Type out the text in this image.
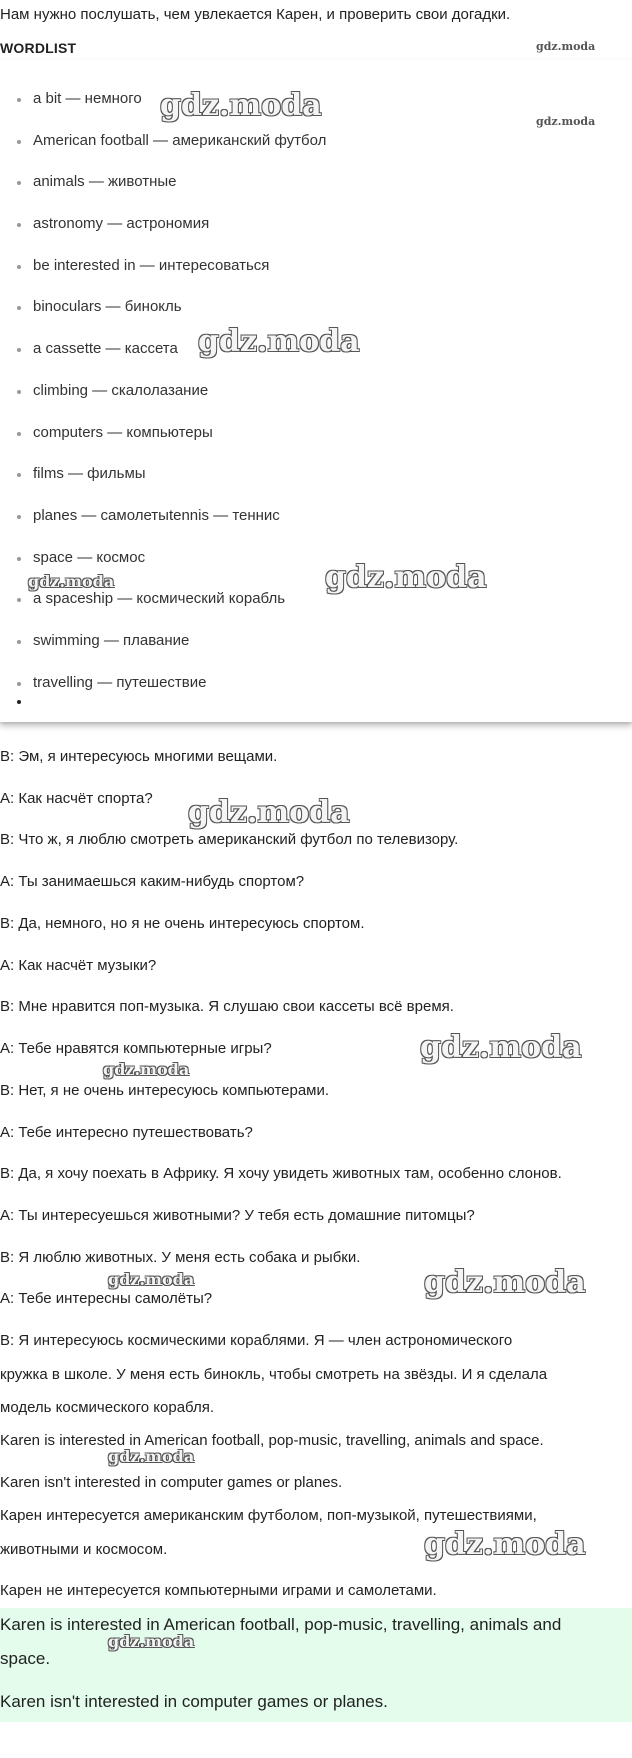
Нам нужно послушать, чем увлекается Карен, и проверить свои догадки.
WORDLIST
a bit — немного
American football — американский футбол
animals — животные
astronomy — астрономия
be interested in — интересоваться
binoculars — бинокль
a cassette — кассета
climbing — скалолазание
computers — компьютеры
films — фильмы
planes — самолетыtennis — теннис
space — космос
a spaceship — космический корабль
swimming — плавание
travelling — путешествие
B: Эм, я интересуюсь многими вещами.
A: Как насчёт спорта?
B: Что ж, я люблю смотреть американский футбол по телевизору.
A: Ты занимаешься каким-нибудь спортом?
B: Да, немного, но я не очень интересуюсь спортом.
A: Как насчёт музыки?
B: Мне нравится поп-музыка. Я слушаю свои кассеты всё время.
A: Тебе нравятся компьютерные игры?
B: Нет, я не очень интересуюсь компьютерами.
A: Тебе интересно путешествовать?
B: Да, я хочу поехать в Африку. Я хочу увидеть животных там, особенно слонов.
A: Ты интересуешься животными? У тебя есть домашние питомцы?
B: Я люблю животных. У меня есть собака и рыбки.
A: Тебе интересны самолёты?
B: Я интересуюсь космическими кораблями. Я — член астрономического
кружка в школе. У меня есть бинокль, чтобы смотреть на звёзды. И я сделала
модель космического корабля.
Karen is interested in American football, pop-music, travelling, animals and space.
Karen isn't interested in computer games or planes.
Карен интересуется американским футболом, поп-музыкой, путешествиями,
животными и космосом.
Карен не интересуется компьютерными играми и самолетами.
Karen is interested in American football, pop-music, travelling, animals and
space.
Karen isn't interested in computer games or planes.
gdz.moda
gdz.moda
gdz.moda
gdz.moda
gdz.moda	gdz.moda
gdz.moda
gdz.moda
gdz.moda
gdz.moda	gdz.moda
gdz.moda
gdz.moda
gdz.moda
